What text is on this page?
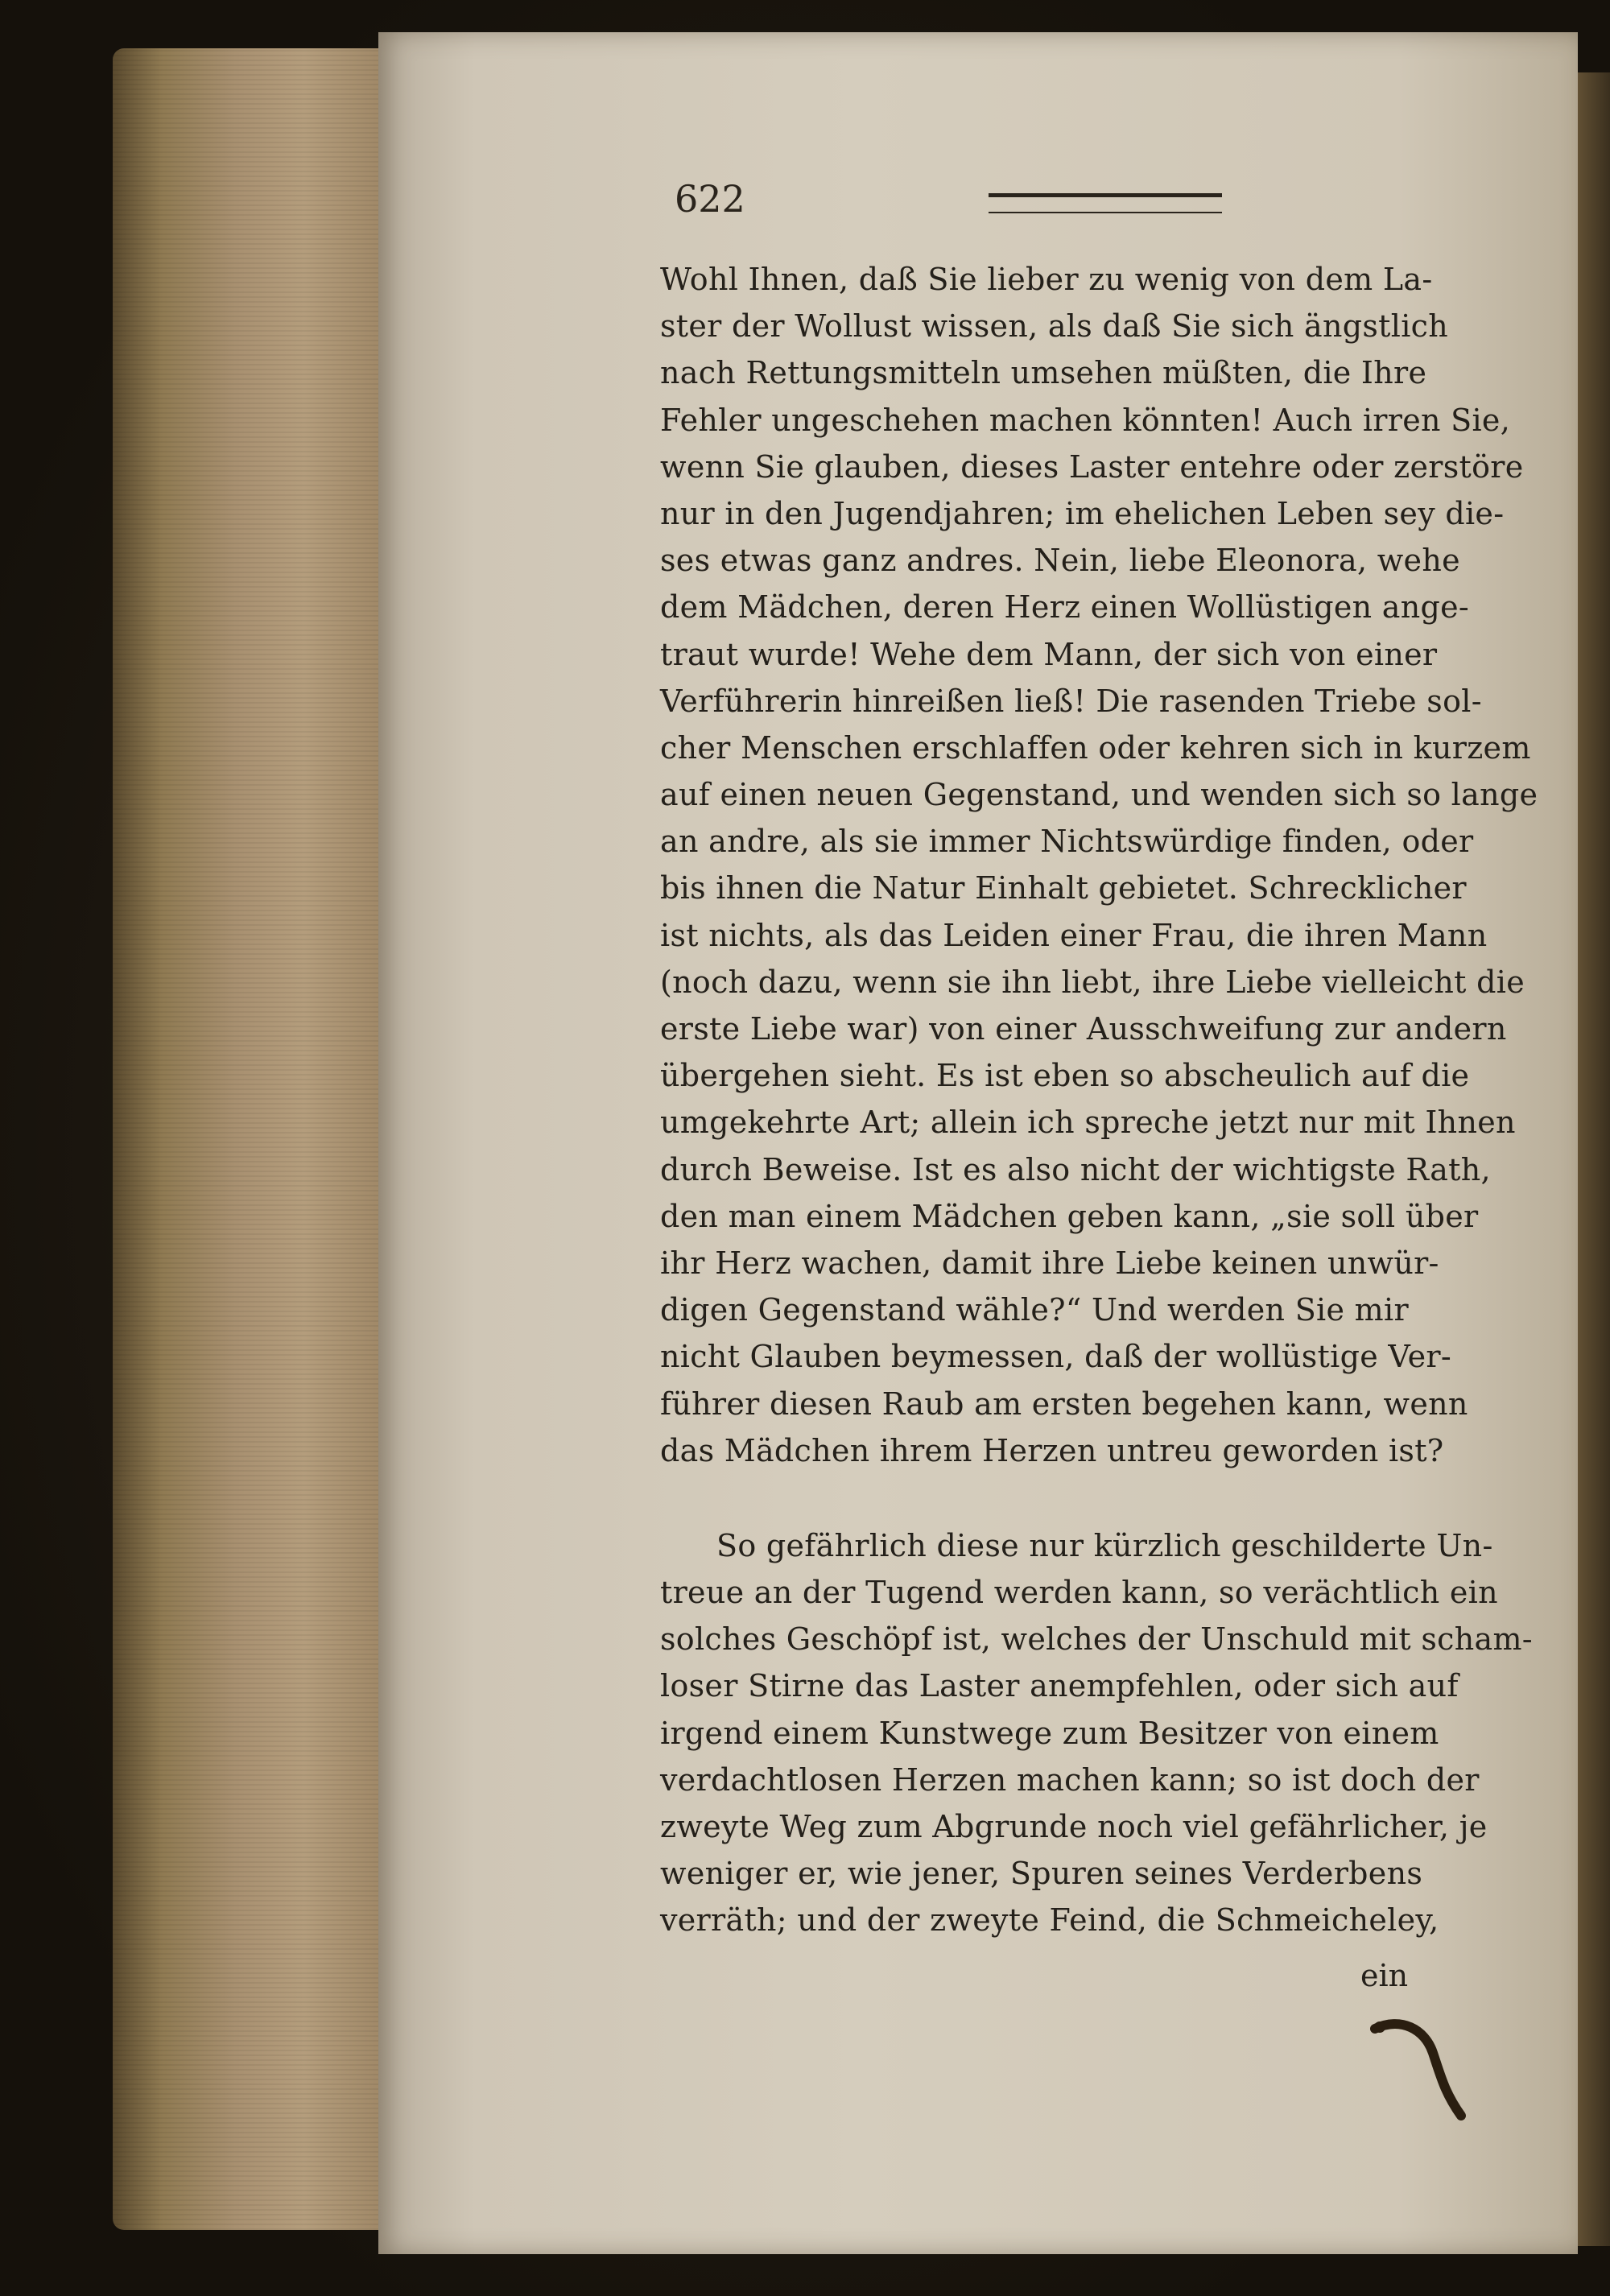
622
Wohl Ihnen, daß Sie lieber zu wenig von dem La-
ster der Wollust wissen, als daß Sie sich ängstlich
nach Rettungsmitteln umsehen müßten, die Ihre
Fehler ungeschehen machen könnten! Auch irren Sie,
wenn Sie glauben, dieses Laster entehre oder zerstöre
nur in den Jugendjahren; im ehelichen Leben sey die-
ses etwas ganz andres. Nein, liebe Eleonora, wehe
dem Mädchen, deren Herz einen Wollüstigen ange-
traut wurde! Wehe dem Mann, der sich von einer
Verführerin hinreißen ließ! Die rasenden Triebe sol-
cher Menschen erschlaffen oder kehren sich in kurzem
auf einen neuen Gegenstand, und wenden sich so lange
an andre, als sie immer Nichtswürdige finden, oder
bis ihnen die Natur Einhalt gebietet. Schrecklicher
ist nichts, als das Leiden einer Frau, die ihren Mann
(noch dazu, wenn sie ihn liebt, ihre Liebe vielleicht die
erste Liebe war) von einer Ausschweifung zur andern
übergehen sieht. Es ist eben so abscheulich auf die
umgekehrte Art; allein ich spreche jetzt nur mit Ihnen
durch Beweise. Ist es also nicht der wichtigste Rath,
den man einem Mädchen geben kann, „sie soll über
ihr Herz wachen, damit ihre Liebe keinen unwür-
digen Gegenstand wähle?“ Und werden Sie mir
nicht Glauben beymessen, daß der wollüstige Ver-
führer diesen Raub am ersten begehen kann, wenn
das Mädchen ihrem Herzen untreu geworden ist?
So gefährlich diese nur kürzlich geschilderte Un-
treue an der Tugend werden kann, so verächtlich ein
solches Geschöpf ist, welches der Unschuld mit scham-
loser Stirne das Laster anempfehlen, oder sich auf
irgend einem Kunstwege zum Besitzer von einem
verdachtlosen Herzen machen kann; so ist doch der
zweyte Weg zum Abgrunde noch viel gefährlicher, je
weniger er, wie jener, Spuren seines Verderbens
verräth; und der zweyte Feind, die Schmeicheley,
ein
